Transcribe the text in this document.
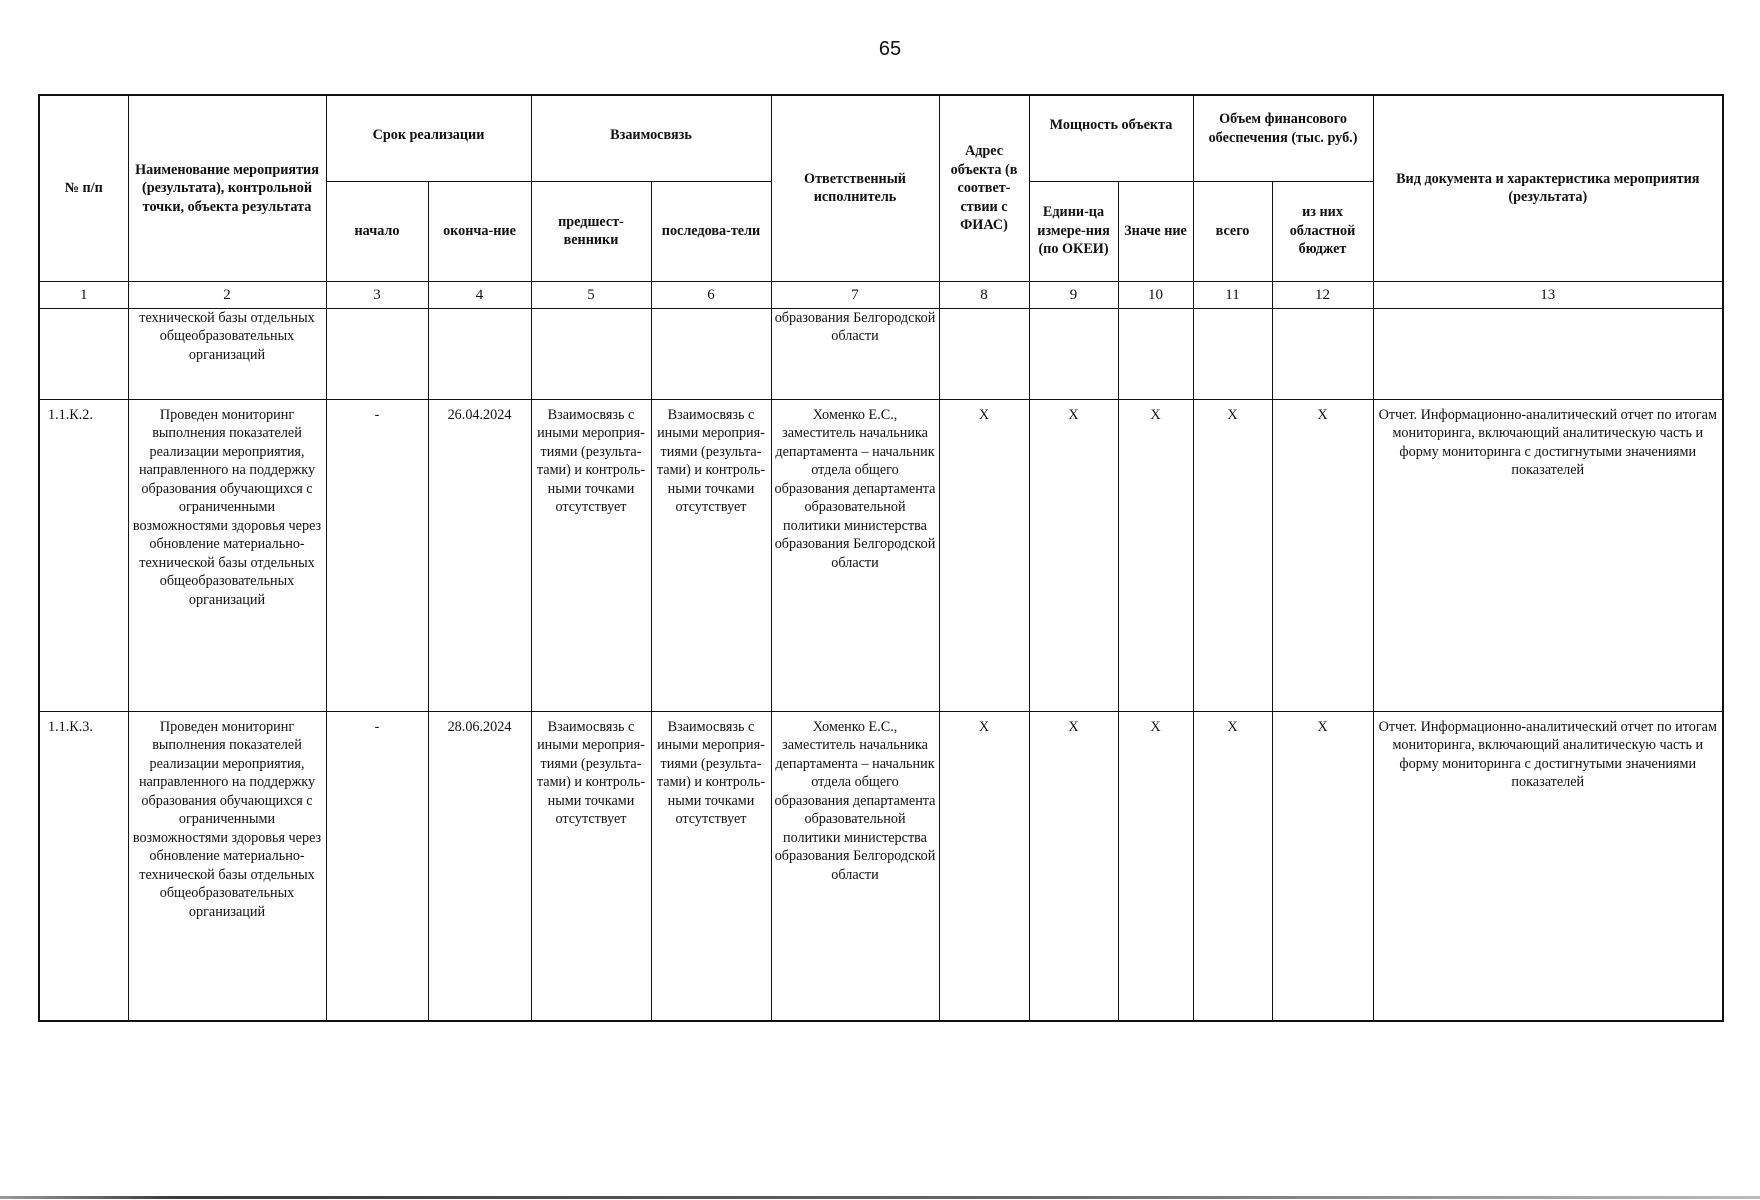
65
№ п/п	Наименование мероприятия (результата), контрольной точки, объекта результата	Срок реализации		Взаимосвязь		Ответственный исполнитель	Адрес объекта (в соответ-ствии с ФИАС)	Мощность объекта		Объем финансового обеспечения (тыс. руб.)		Вид документа и характеристика мероприятия (результата)
		начало	оконча-ние	предшест-венники	последова-тели			Едини-ца измере-ния (по ОКЕИ)	Значе ние	всего	из них областной бюджет	
1	2	3	4	5	6	7	8	9	10	11	12	13
	технической базы отдельных общеобразовательных организаций					образования Белгородской области						
1.1.К.2.	Проведен мониторинг выполнения показателей реализации мероприятия, направленного на поддержку образования обучающихся с ограниченными возможностями здоровья через обновление материально-технической базы отдельных общеобразовательных организаций	-	26.04.2024	Взаимосвязь с иными мероприя-тиями (результа-тами) и контроль-ными точками отсутствует	Взаимосвязь с иными мероприя-тиями (результа-тами) и контроль-ными точками отсутствует	Хоменко Е.С., заместитель начальника департамента – начальник отдела общего образования департамента образовательной политики министерства образования Белгородской области	X	X	X	X	X	Отчет. Информационно-аналитический отчет по итогам мониторинга, включающий аналитическую часть и форму мониторинга с достигнутыми значениями показателей
1.1.К.3.	Проведен мониторинг выполнения показателей реализации мероприятия, направленного на поддержку образования обучающихся с ограниченными возможностями здоровья через обновление материально-технической базы отдельных общеобразовательных организаций	-	28.06.2024	Взаимосвязь с иными мероприя-тиями (результа-тами) и контроль-ными точками отсутствует	Взаимосвязь с иными мероприя-тиями (результа-тами) и контроль-ными точками отсутствует	Хоменко Е.С., заместитель начальника департамента – начальник отдела общего образования департамента образовательной политики министерства образования Белгородской области	X	X	X	X	X	Отчет. Информационно-аналитический отчет по итогам мониторинга, включающий аналитическую часть и форму мониторинга с достигнутыми значениями показателей
